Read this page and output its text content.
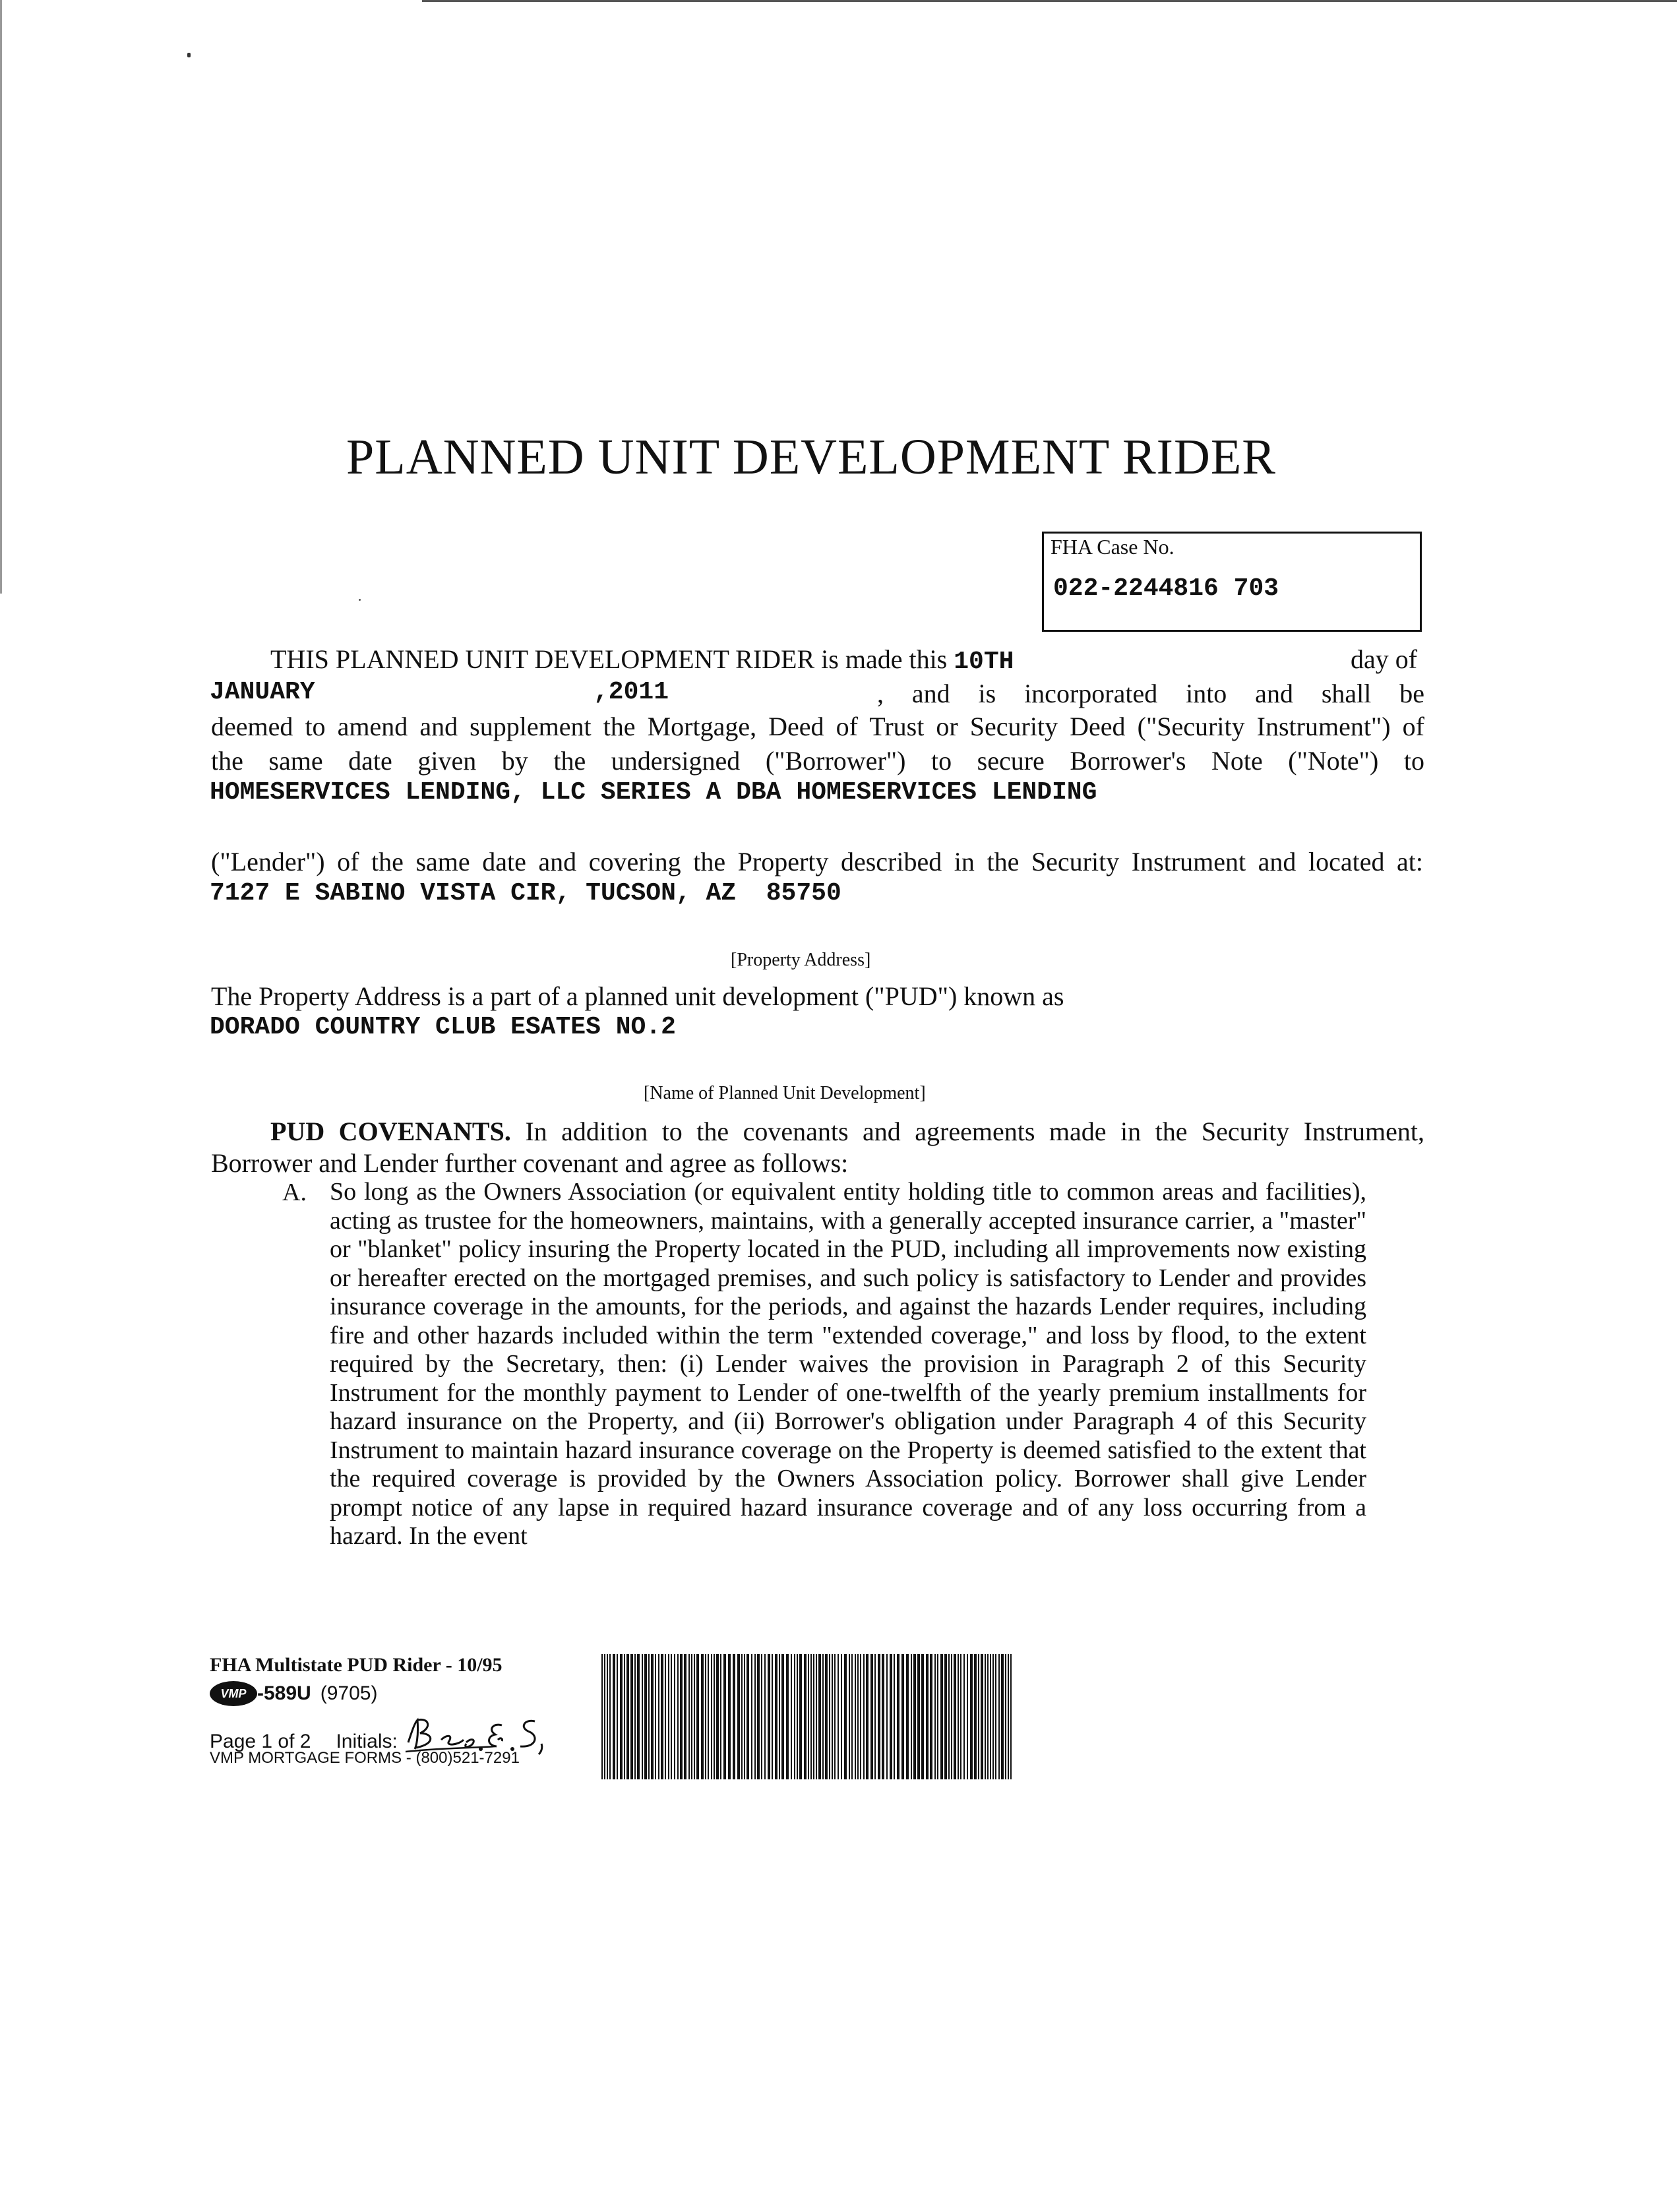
PLANNED UNIT DEVELOPMENT RIDER
FHA Case No.
022-2244816 703
THIS PLANNED UNIT DEVELOPMENT RIDER is made this 10TH	day of
JANUARY	,2011	, and is incorporated into and shall be
deemed to amend and supplement the Mortgage, Deed of Trust or Security Deed ("Security Instrument") of
the same date given by the undersigned ("Borrower") to secure Borrower's Note ("Note") to
HOMESERVICES LENDING, LLC SERIES A DBA HOMESERVICES LENDING
("Lender") of the same date and covering the Property described in the Security Instrument and located at:
7127 E SABINO VISTA CIR, TUCSON, AZ  85750
[Property Address]
The Property Address is a part of a planned unit development ("PUD") known as
DORADO COUNTRY CLUB ESATES NO.2
[Name of Planned Unit Development]
PUD COVENANTS. In addition to the covenants and agreements made in the Security Instrument,
Borrower and Lender further covenant and agree as follows:
A. So long as the Owners Association (or equivalent entity holding title to common areas and facilities), acting as trustee for the homeowners, maintains, with a generally accepted insurance carrier, a "master" or "blanket" policy insuring the Property located in the PUD, including all improvements now existing or hereafter erected on the mortgaged premises, and such policy is satisfactory to Lender and provides insurance coverage in the amounts, for the periods, and against the hazards Lender requires, including fire and other hazards included within the term "extended coverage," and loss by flood, to the extent required by the Secretary, then: (i) Lender waives the provision in Paragraph 2 of this Security Instrument for the monthly payment to Lender of one-twelfth of the yearly premium installments for hazard insurance on the Property, and (ii) Borrower's obligation under Paragraph 4 of this Security Instrument to maintain hazard insurance coverage on the Property is deemed satisfied to the extent that the required coverage is provided by the Owners Association policy. Borrower shall give Lender prompt notice of any lapse in required hazard insurance coverage and of any loss occurring from a hazard. In the event
FHA Multistate PUD Rider - 10/95
VMP -589U (9705)
Page 1 of 2 Initials:
VMP MORTGAGE FORMS - (800)521-7291
